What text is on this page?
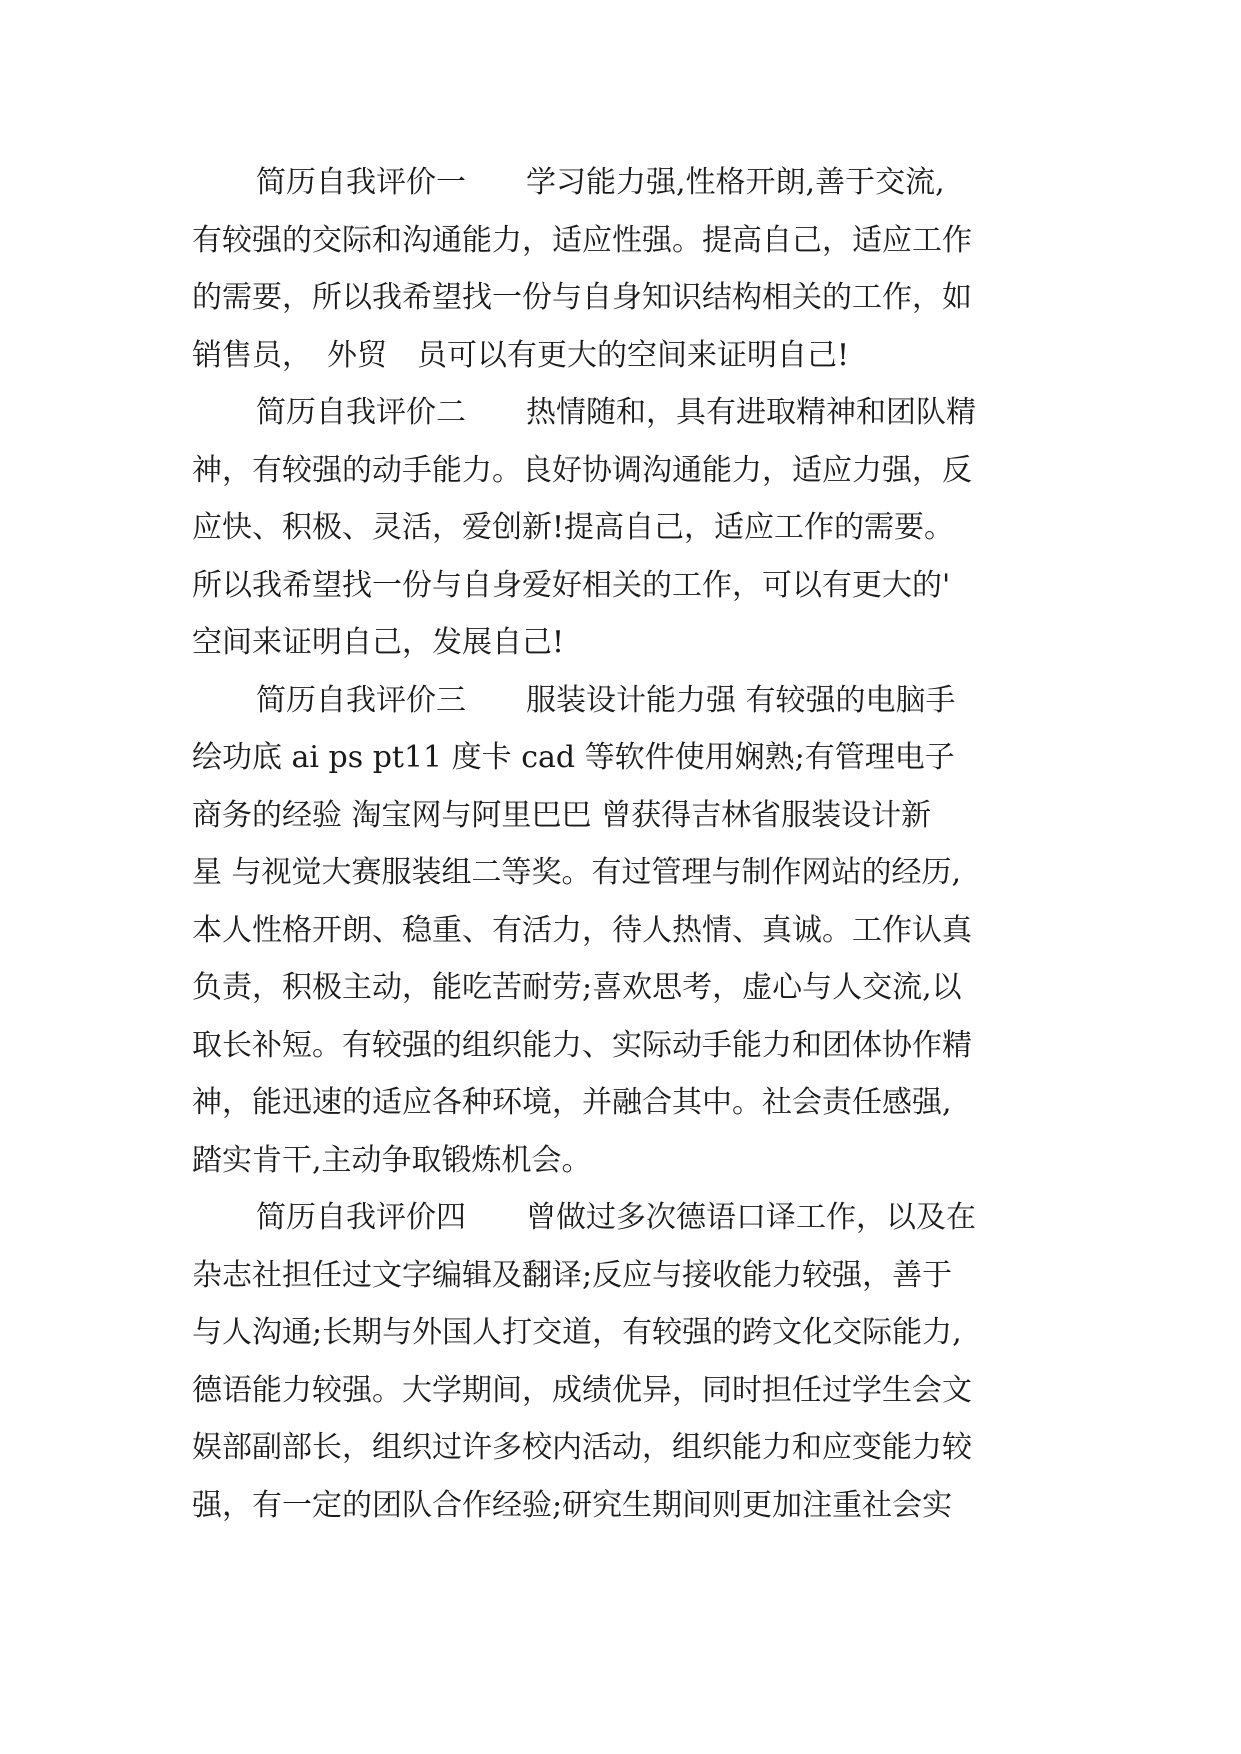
简历自我评价一　　学习能力强,性格开朗,善于交流,
有较强的交际和沟通能力，适应性强。提高自己，适应工作
的需要，所以我希望找一份与自身知识结构相关的工作，如
销售员，　外贸　员可以有更大的空间来证明自己!
简历自我评价二　　热情随和，具有进取精神和团队精
神，有较强的动手能力。良好协调沟通能力，适应力强，反
应快、积极、灵活，爱创新!提高自己，适应工作的需要。
所以我希望找一份与自身爱好相关的工作，可以有更大的'
空间来证明自己，发展自己!
简历自我评价三　　服装设计能力强 有较强的电脑手
绘功底 ai ps pt11 度卡 cad 等软件使用娴熟;有管理电子
商务的经验 淘宝网与阿里巴巴 曾获得吉林省服装设计新
星 与视觉大赛服装组二等奖。有过管理与制作网站的经历,
本人性格开朗、稳重、有活力，待人热情、真诚。工作认真
负责，积极主动，能吃苦耐劳;喜欢思考，虚心与人交流,以
取长补短。有较强的组织能力、实际动手能力和团体协作精
神，能迅速的适应各种环境，并融合其中。社会责任感强,
踏实肯干,主动争取锻炼机会。
简历自我评价四　　曾做过多次德语口译工作，以及在
杂志社担任过文字编辑及翻译;反应与接收能力较强，善于
与人沟通;长期与外国人打交道，有较强的跨文化交际能力,
德语能力较强。大学期间，成绩优异，同时担任过学生会文
娱部副部长，组织过许多校内活动，组织能力和应变能力较
强，有一定的团队合作经验;研究生期间则更加注重社会实
